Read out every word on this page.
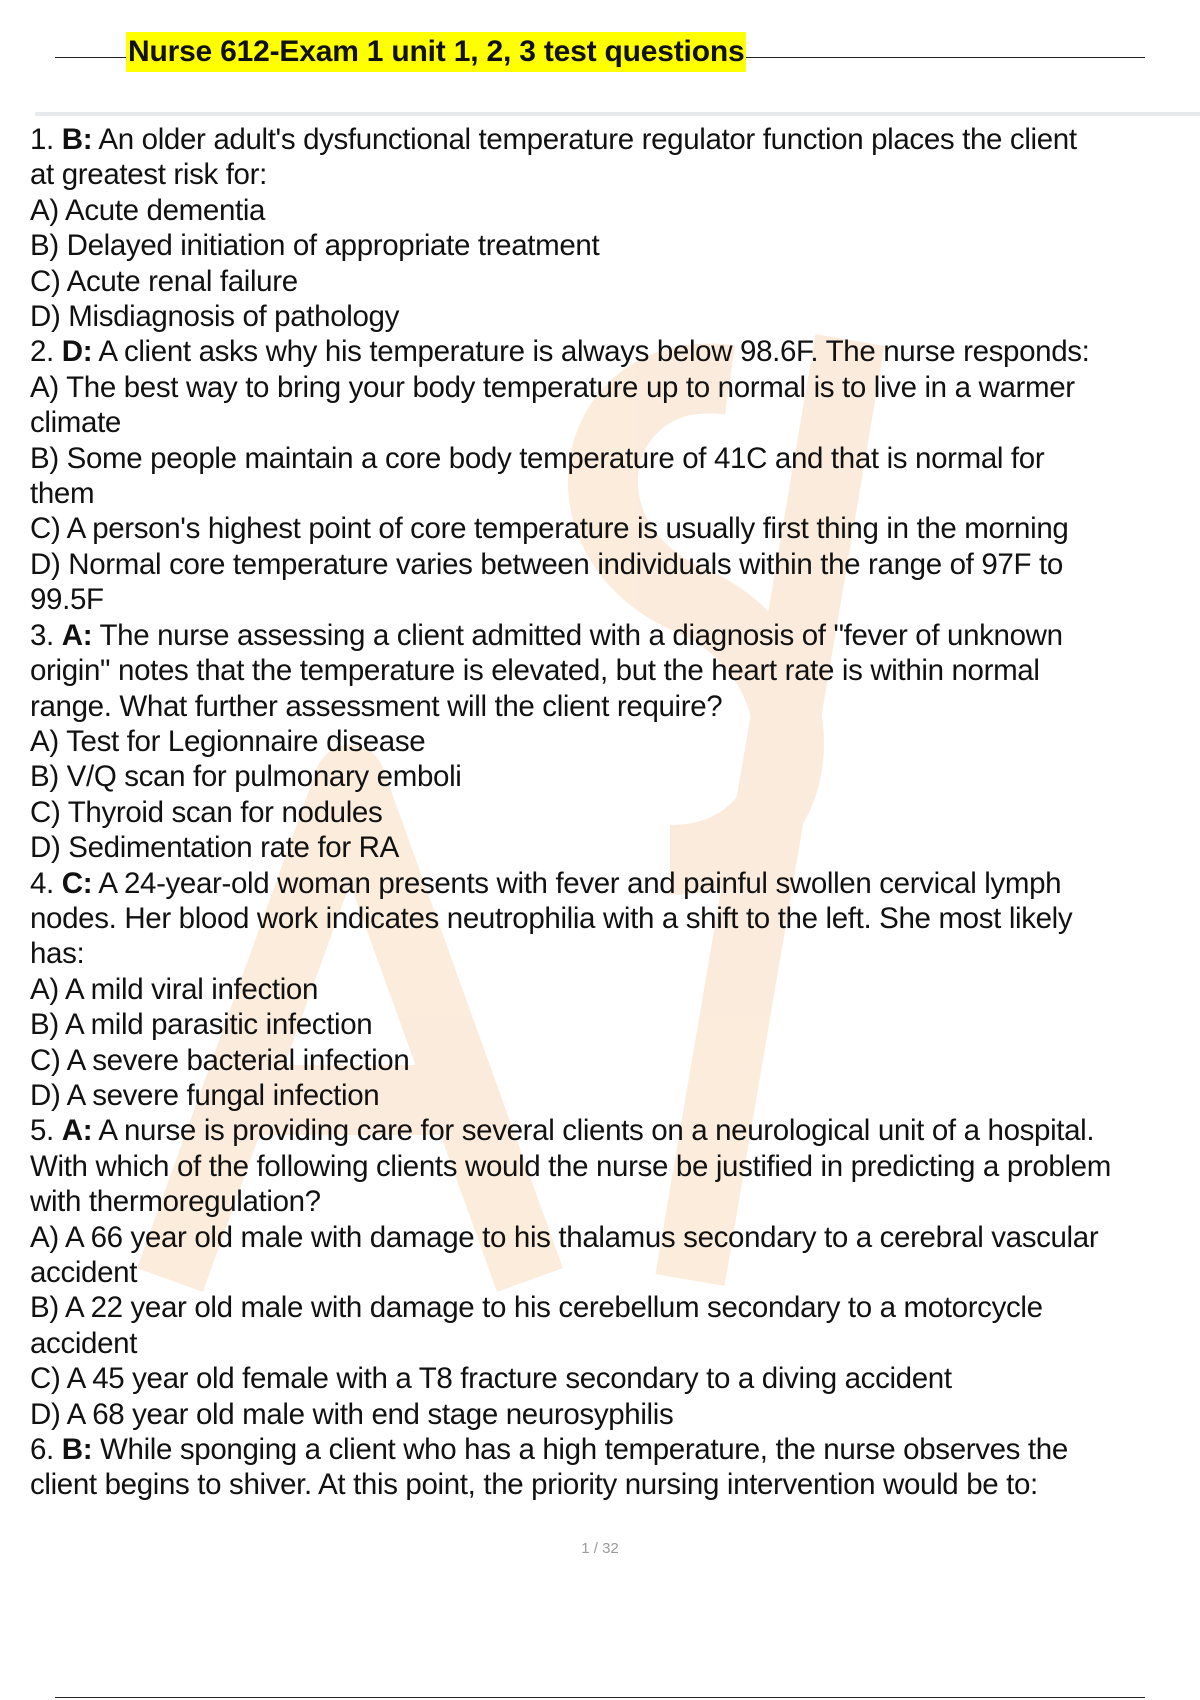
Nurse 612-Exam 1 unit 1, 2, 3 test questions
1. B: An older adult's dysfunctional temperature regulator function places the client
at greatest risk for:
A) Acute dementia
B) Delayed initiation of appropriate treatment
C) Acute renal failure
D) Misdiagnosis of pathology
2. D: A client asks why his temperature is always below 98.6F. The nurse responds:
A) The best way to bring your body temperature up to normal is to live in a warmer
climate
B) Some people maintain a core body temperature of 41C and that is normal for
them
C) A person's highest point of core temperature is usually first thing in the morning
D) Normal core temperature varies between individuals within the range of 97F to
99.5F
3. A: The nurse assessing a client admitted with a diagnosis of "fever of unknown
origin" notes that the temperature is elevated, but the heart rate is within normal
range. What further assessment will the client require?
A) Test for Legionnaire disease
B) V/Q scan for pulmonary emboli
C) Thyroid scan for nodules
D) Sedimentation rate for RA
4. C: A 24-year-old woman presents with fever and painful swollen cervical lymph
nodes. Her blood work indicates neutrophilia with a shift to the left. She most likely
has:
A) A mild viral infection
B) A mild parasitic infection
C) A severe bacterial infection
D) A severe fungal infection
5. A: A nurse is providing care for several clients on a neurological unit of a hospital.
With which of the following clients would the nurse be justified in predicting a problem
with thermoregulation?
A) A 66 year old male with damage to his thalamus secondary to a cerebral vascular
accident
B) A 22 year old male with damage to his cerebellum secondary to a motorcycle
accident
C) A 45 year old female with a T8 fracture secondary to a diving accident
D) A 68 year old male with end stage neurosyphilis
6. B: While sponging a client who has a high temperature, the nurse observes the
client begins to shiver. At this point, the priority nursing intervention would be to:
1 / 32
